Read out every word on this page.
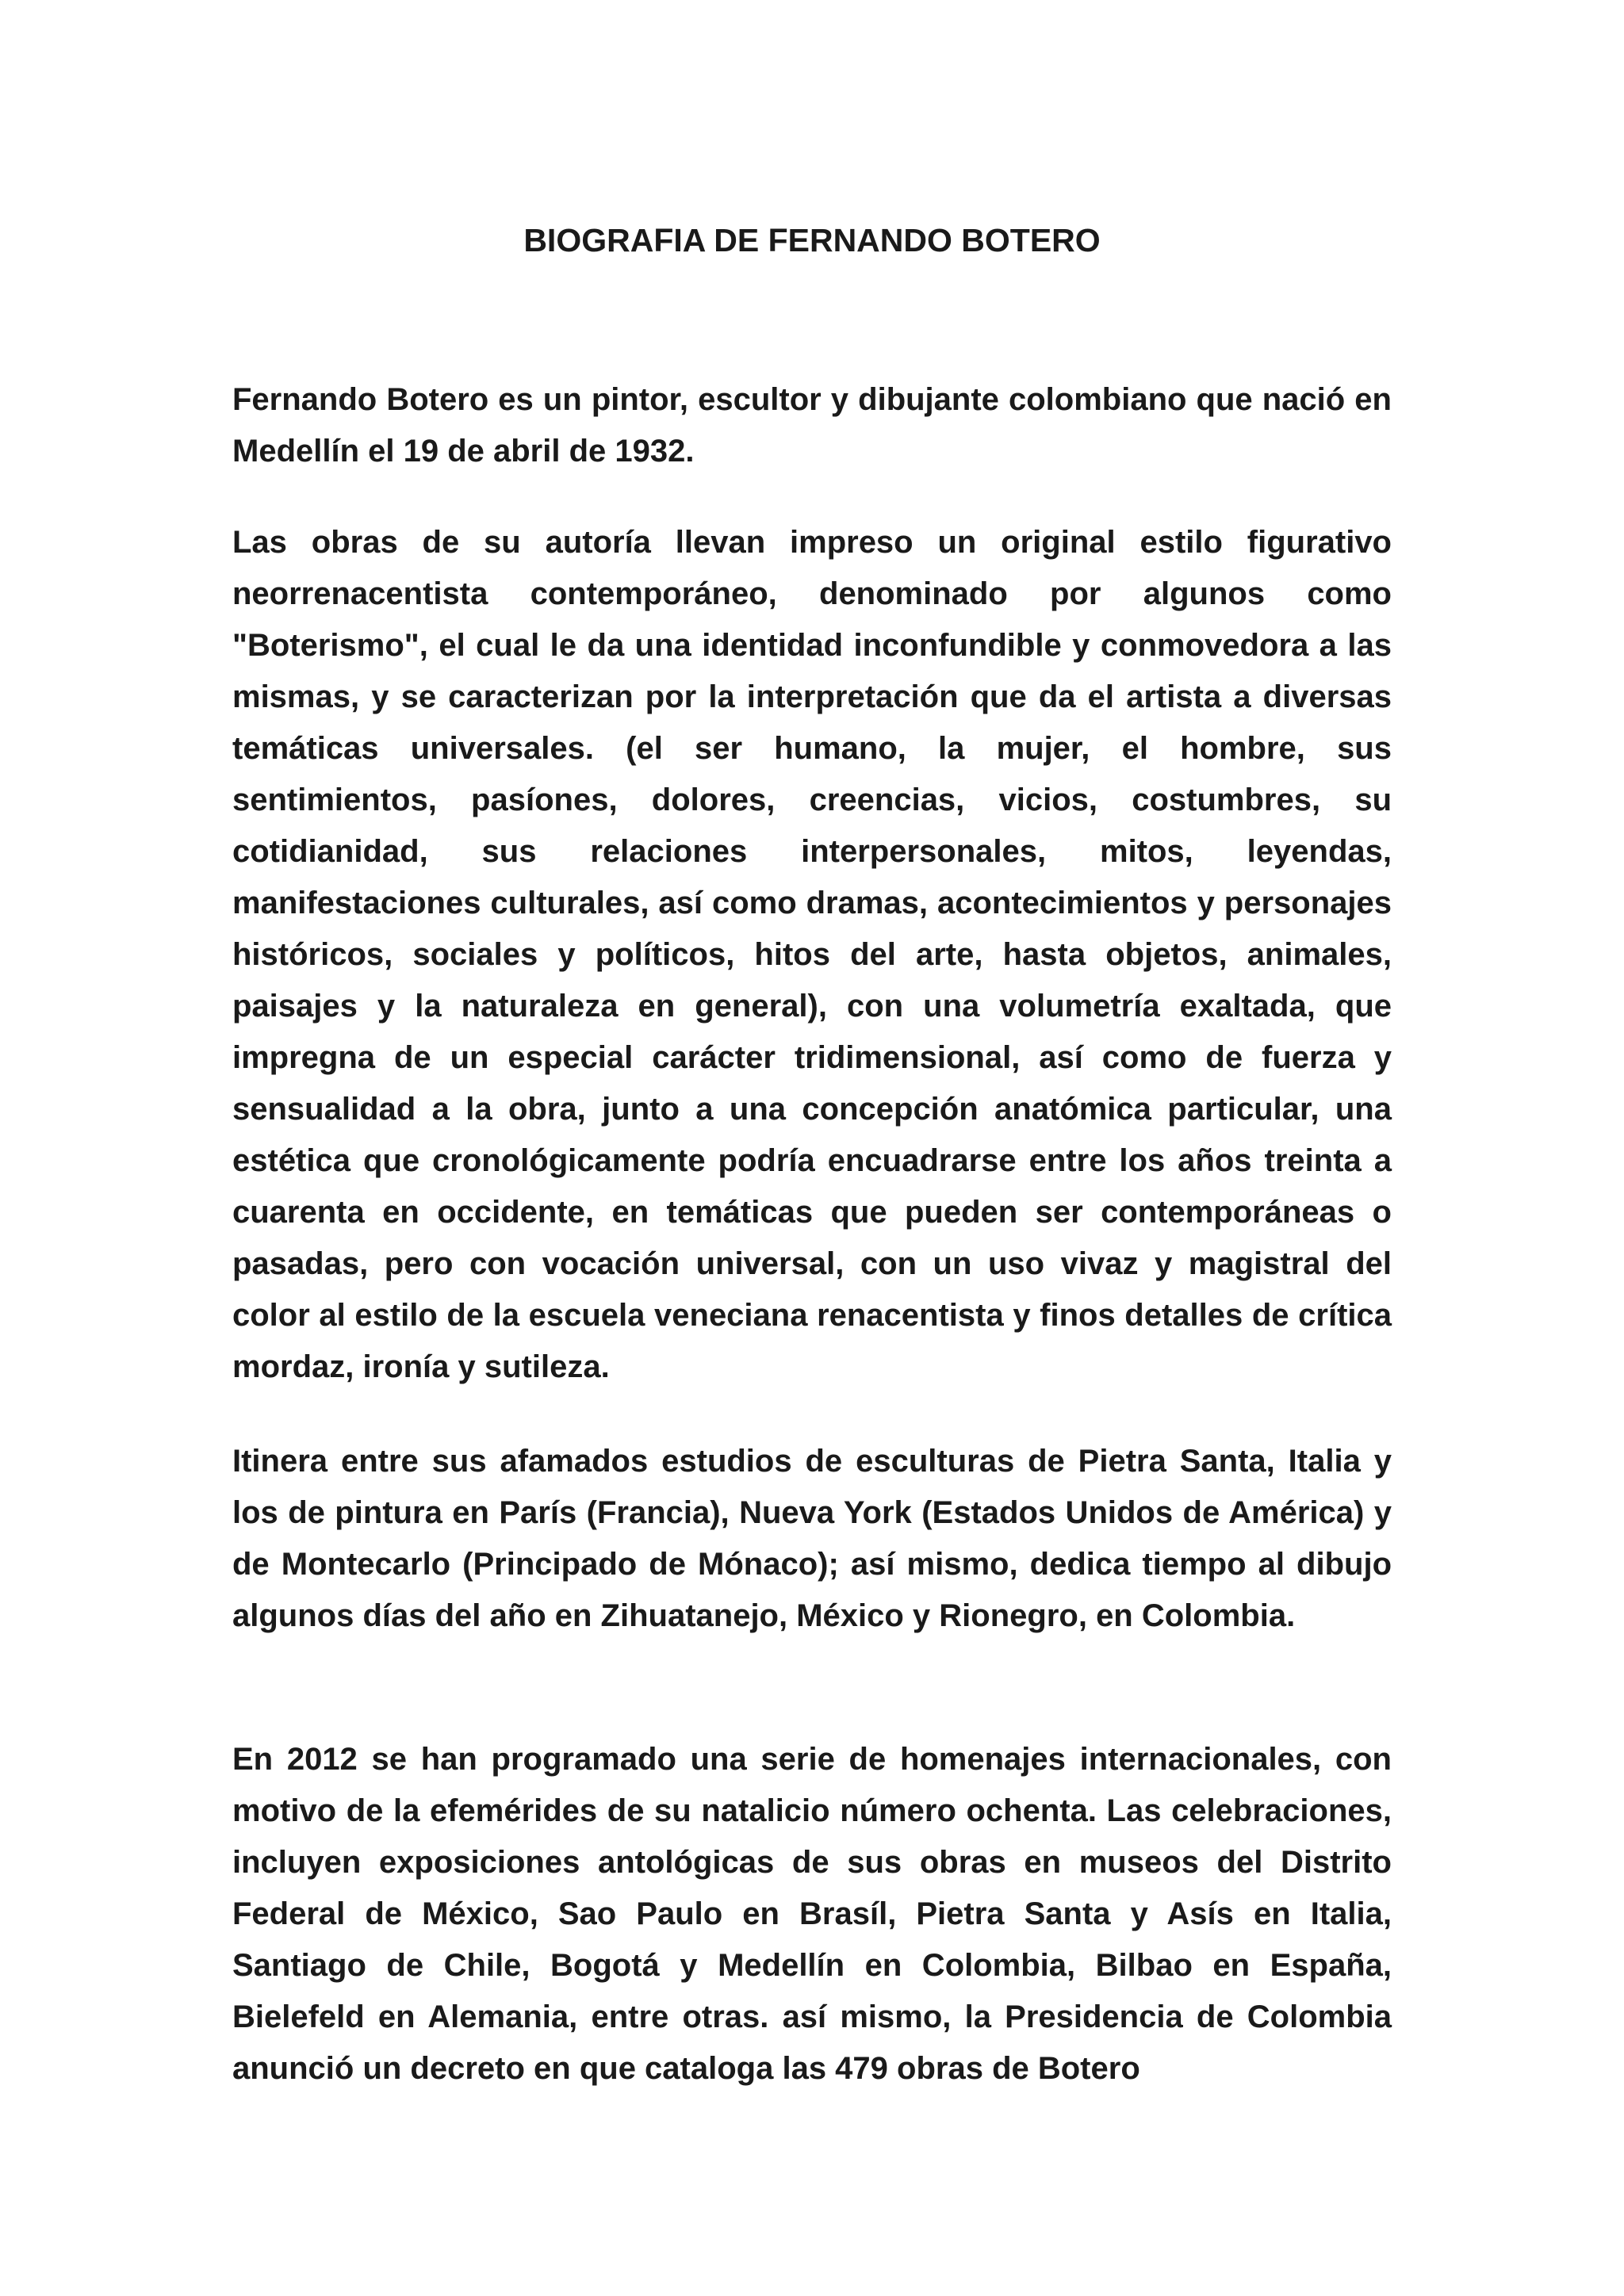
BIOGRAFIA DE FERNANDO BOTERO

Fernando Botero es un pintor, escultor y dibujante colombiano que nació en Medellín el 19 de abril de 1932.

Las obras de su autoría llevan impreso un original estilo figurativo neorrenacentista contemporáneo, denominado por algunos como "Boterismo", el cual le da una identidad inconfundible y conmovedora a las mismas, y se caracterizan por la interpretación que da el artista a diversas temáticas universales. (el ser humano, la mujer, el hombre, sus sentimientos, pasíones, dolores, creencias, vicios, costumbres, su cotidianidad, sus relaciones interpersonales, mitos, leyendas, manifestaciones culturales, así como dramas, acontecimientos y personajes históricos, sociales y políticos, hitos del arte, hasta objetos, animales, paisajes y la naturaleza en general), con una volumetría exaltada, que impregna de un especial carácter tridimensional, así como de fuerza y sensualidad a la obra, junto a una concepción anatómica particular, una estética que cronológicamente podría encuadrarse entre los años treinta a cuarenta en occidente, en temáticas que pueden ser contemporáneas o pasadas, pero con vocación universal, con un uso vivaz y magistral del color al estilo de la escuela veneciana renacentista y finos detalles de crítica mordaz, ironía y sutileza.

Itinera entre sus afamados estudios de esculturas de Pietra Santa, Italia y los de pintura en París (Francia), Nueva York (Estados Unidos de América) y de Montecarlo (Principado de Mónaco); así mismo, dedica tiempo al dibujo algunos días del año en Zihuatanejo, México y Rionegro, en Colombia.

En 2012 se han programado una serie de homenajes internacionales, con motivo de la efemérides de su natalicio número ochenta. Las celebraciones, incluyen exposiciones antológicas de sus obras en museos del Distrito Federal de México, Sao Paulo en Brasíl, Pietra Santa y Asís en Italia, Santiago de Chile, Bogotá y Medellín en Colombia, Bilbao en España, Bielefeld en Alemania, entre otras. así mismo, la Presidencia de Colombia anunció un decreto en que cataloga las 479 obras de Botero
